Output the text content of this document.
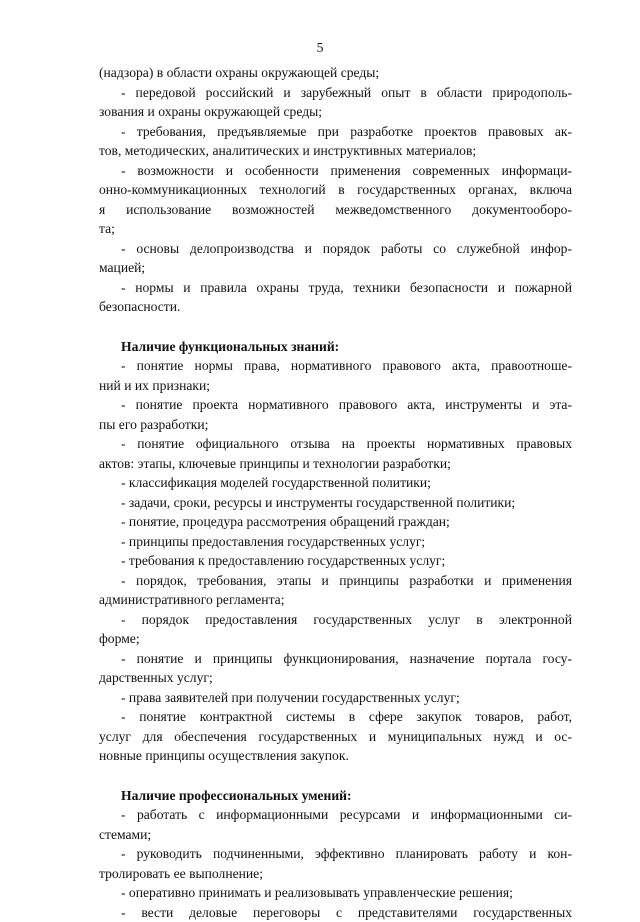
5
(надзора) в области охраны окружающей среды;
- передовой российский и зарубежный опыт в области природополь-
зования и охраны окружающей среды;
- требования, предъявляемые при разработке проектов правовых ак-
тов, методических, аналитических и инструктивных материалов;
- возможности и особенности применения современных информаци-
онно-коммуникационных технологий в государственных органах, включа
я использование возможностей межведомственного документооборо-
та;
- основы делопроизводства и порядок работы со служебной инфор-
мацией;
- нормы и правила охраны труда, техники безопасности и пожарной
безопасности.
Наличие функциональных знаний:
- понятие нормы права, нормативного правового акта, правоотноше-
ний и их признаки;
- понятие проекта нормативного правового акта, инструменты и эта-
пы его разработки;
- понятие официального отзыва на проекты нормативных правовых
актов: этапы, ключевые принципы и технологии разработки;
- классификация моделей государственной политики;
- задачи, сроки, ресурсы и инструменты государственной политики;
- понятие, процедура рассмотрения обращений граждан;
- принципы предоставления государственных услуг;
- требования к предоставлению государственных услуг;
- порядок, требования, этапы и принципы разработки и применения
административного регламента;
- порядок предоставления государственных услуг в электронной
форме;
- понятие и принципы функционирования, назначение портала госу-
дарственных услуг;
- права заявителей при получении государственных услуг;
- понятие контрактной системы в сфере закупок товаров, работ,
услуг для обеспечения государственных и муниципальных нужд и ос-
новные принципы осуществления закупок.
Наличие профессиональных умений:
- работать с информационными ресурсами и информационными си-
стемами;
- руководить подчиненными, эффективно планировать работу и кон-
тролировать ее выполнение;
- оперативно принимать и реализовывать управленческие решения;
- вести деловые переговоры с представителями государственных
